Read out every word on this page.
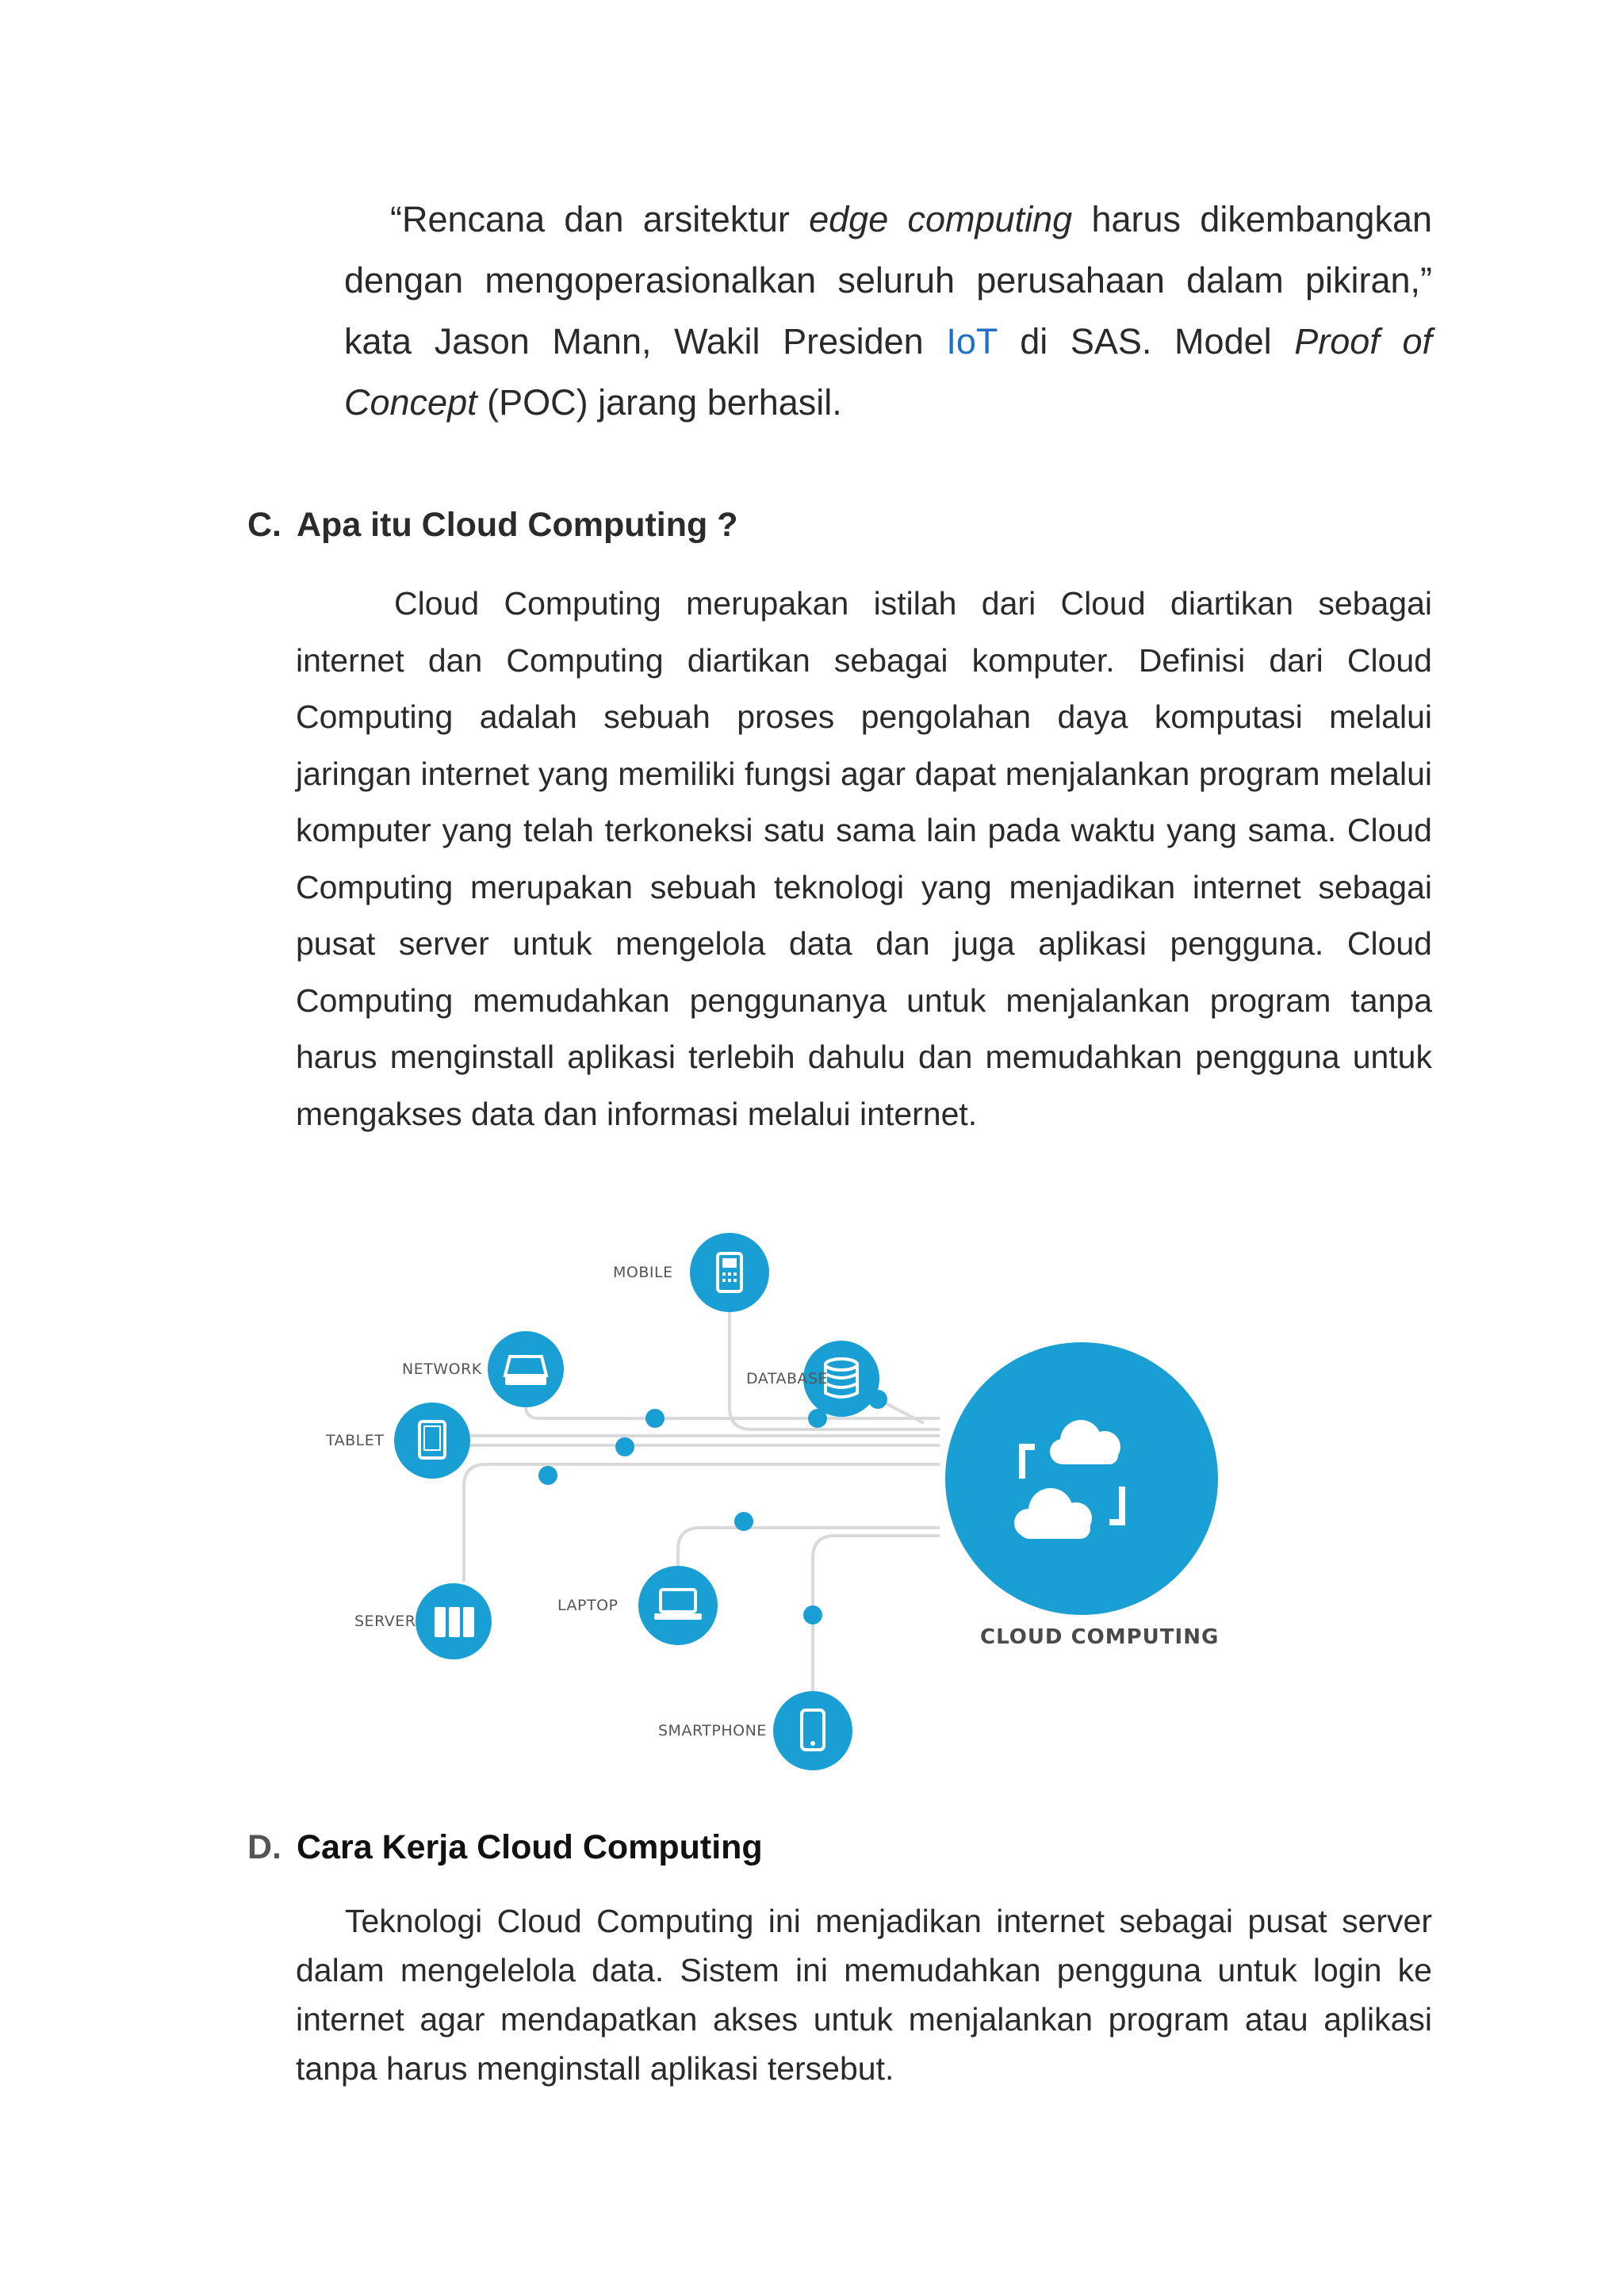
“Rencana dan arsitektur edge computing harus dikembangkan dengan mengoperasionalkan seluruh perusahaan dalam pikiran,” kata Jason Mann, Wakil Presiden IoT di SAS. Model Proof of Concept (POC) jarang berhasil.

C. Apa itu Cloud Computing ?

Cloud Computing merupakan istilah dari Cloud diartikan sebagai internet dan Computing diartikan sebagai komputer. Definisi dari Cloud Computing adalah sebuah proses pengolahan daya komputasi melalui jaringan internet yang memiliki fungsi agar dapat menjalankan program melalui komputer yang telah terkoneksi satu sama lain pada waktu yang sama. Cloud Computing merupakan sebuah teknologi yang menjadikan internet sebagai pusat server untuk mengelola data dan juga aplikasi pengguna. Cloud Computing memudahkan penggunanya untuk menjalankan program tanpa harus menginstall aplikasi terlebih dahulu dan memudahkan pengguna untuk mengakses data dan informasi melalui internet.

CLOUD COMPUTING
MOBILE
NETWORK
DATABASE
TABLET
SERVER
LAPTOP
SMARTPHONE
D. Cara Kerja Cloud Computing

Teknologi Cloud Computing ini menjadikan internet sebagai pusat server dalam mengelelola data. Sistem ini memudahkan pengguna untuk login ke internet agar mendapatkan akses untuk menjalankan program atau aplikasi tanpa harus menginstall aplikasi tersebut.
